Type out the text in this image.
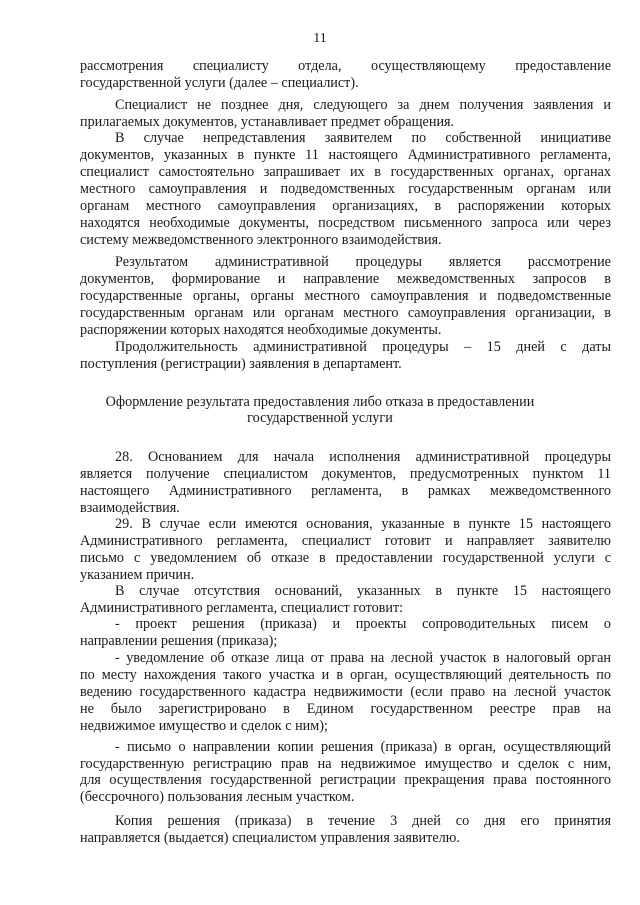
11
рассмотрения специалисту отдела, осуществляющему предоставление
государственной услуги (далее – специалист).
Специалист не позднее дня, следующего за днем получения заявления и
прилагаемых документов, устанавливает предмет обращения.
В случае непредставления заявителем по собственной инициативе
документов, указанных в пункте 11 настоящего Административного регламента,
специалист самостоятельно запрашивает их в государственных органах, органах
местного самоуправления и подведомственных государственным органам или
органам местного самоуправления организациях, в распоряжении которых
находятся необходимые документы, посредством письменного запроса или через
систему межведомственного электронного взаимодействия.
Результатом административной процедуры является рассмотрение
документов, формирование и направление межведомственных запросов в
государственные органы, органы местного самоуправления и подведомственные
государственным органам или органам местного самоуправления организации, в
распоряжении которых находятся необходимые документы.
Продолжительность административной процедуры – 15 дней с даты
поступления (регистрации) заявления в департамент.
Оформление результата предоставления либо отказа в предоставлении
государственной услуги
28. Основанием для начала исполнения административной процедуры
является получение специалистом документов, предусмотренных пунктом 11
настоящего Административного регламента, в рамках межведомственного
взаимодействия.
29. В случае если имеются основания, указанные в пункте 15 настоящего
Административного регламента, специалист готовит и направляет заявителю
письмо с уведомлением об отказе в предоставлении государственной услуги с
указанием причин.
В случае отсутствия оснований, указанных в пункте 15 настоящего
Административного регламента, специалист готовит:
- проект решения (приказа) и проекты сопроводительных писем о
направлении решения (приказа);
- уведомление об отказе лица от права на лесной участок в налоговый орган
по месту нахождения такого участка и в орган, осуществляющий деятельность по
ведению государственного кадастра недвижимости (если право на лесной участок
не было зарегистрировано в Едином государственном реестре прав на
недвижимое имущество и сделок с ним);
- письмо о направлении копии решения (приказа) в орган, осуществляющий
государственную регистрацию прав на недвижимое имущество и сделок с ним,
для осуществления государственной регистрации прекращения права постоянного
(бессрочного) пользования лесным участком.
Копия решения (приказа) в течение 3 дней со дня его принятия
направляется (выдается) специалистом управления заявителю.
